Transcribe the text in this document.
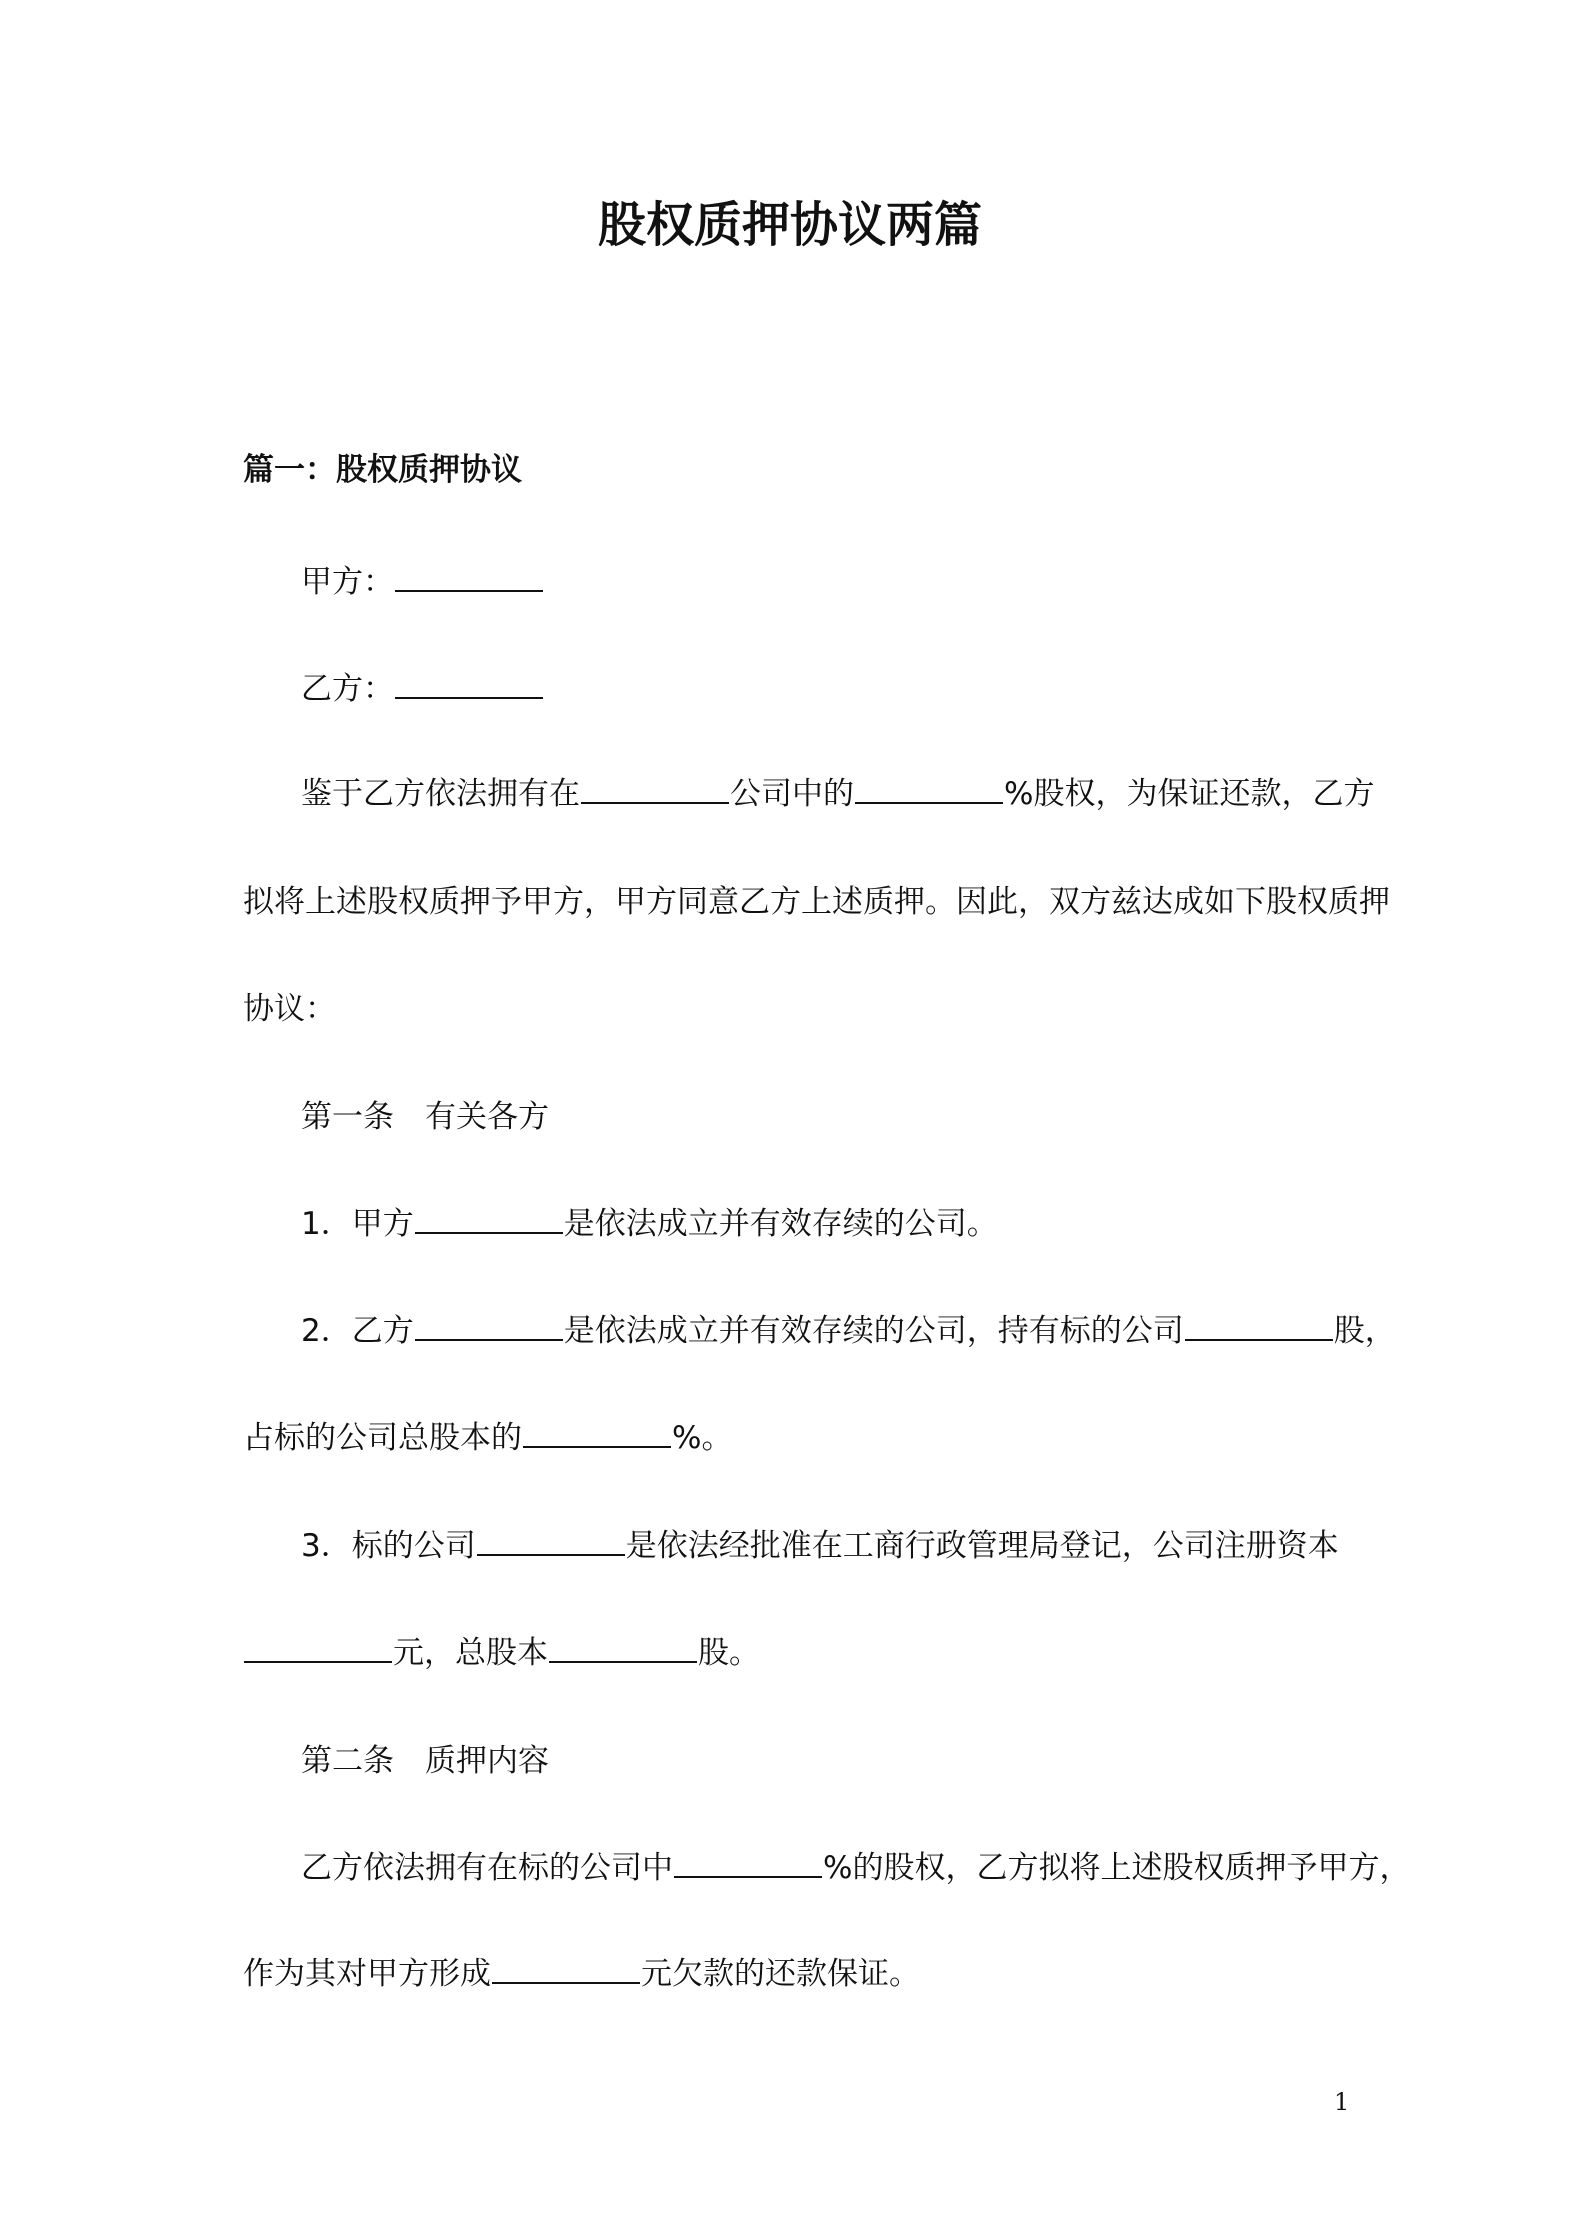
股权质押协议两篇
篇一：股权质押协议
甲方：
乙方：
鉴于乙方依法拥有在	公司中的	%股权，为保证还款，乙方
拟将上述股权质押予甲方，甲方同意乙方上述质押。因此，双方兹达成如下股权质押
协议：
第一条　有关各方
1．甲方	是依法成立并有效存续的公司。
2．乙方	是依法成立并有效存续的公司，持有标的公司	股，
占标的公司总股本的	%。
3．标的公司	是依法经批准在工商行政管理局登记，公司注册资本
元，总股本	股。
第二条　质押内容
乙方依法拥有在标的公司中	%的股权，乙方拟将上述股权质押予甲方，
作为其对甲方形成	元欠款的还款保证。
1
